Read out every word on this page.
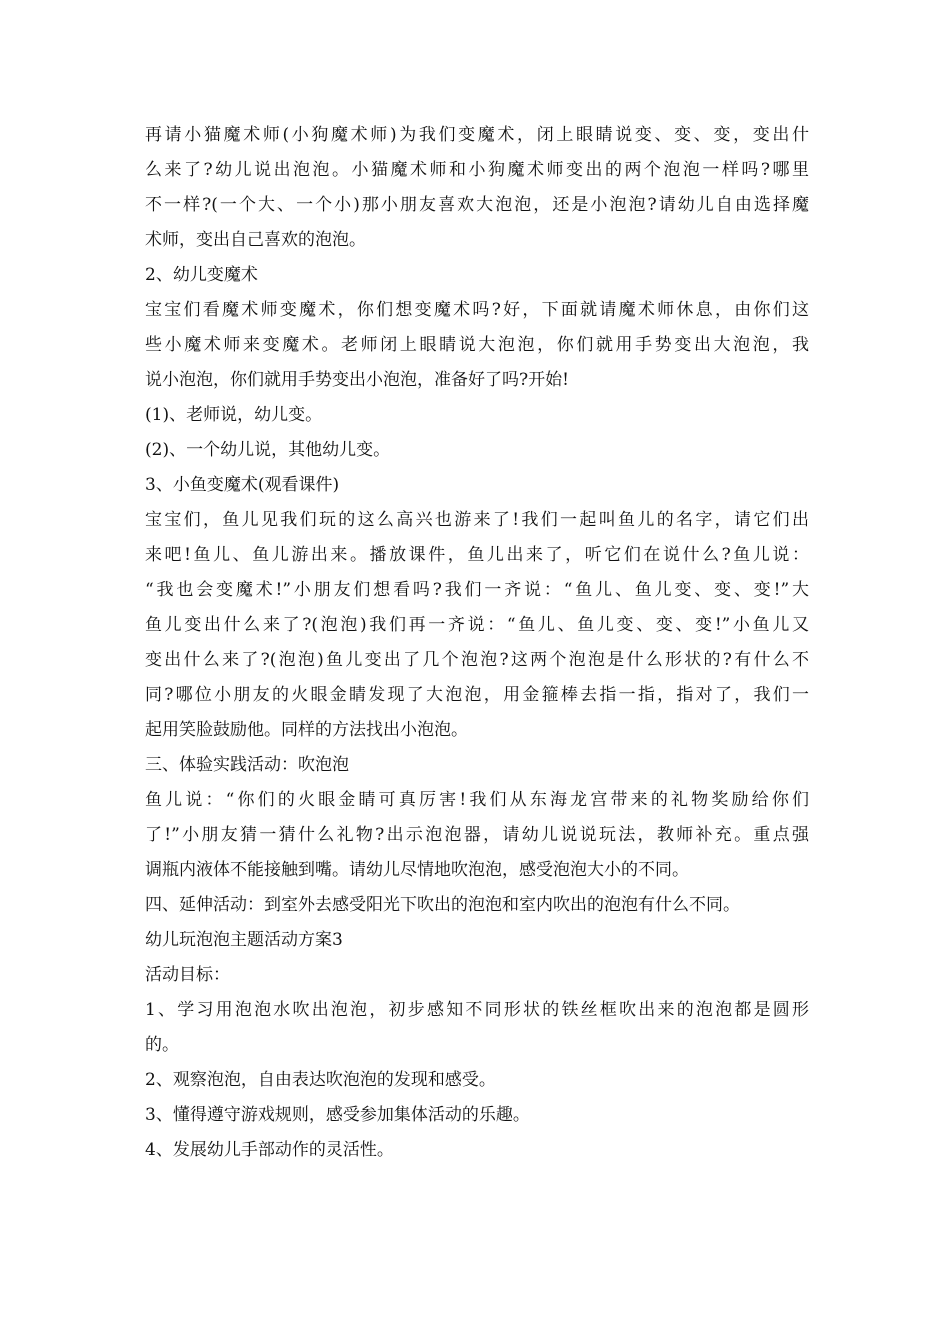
再请小猫魔术师(小狗魔术师)为我们变魔术，闭上眼睛说变、变、变，变出什
么来了?幼儿说出泡泡。小猫魔术师和小狗魔术师变出的两个泡泡一样吗?哪里
不一样?(一个大、一个小)那小朋友喜欢大泡泡，还是小泡泡?请幼儿自由选择魔
术师，变出自己喜欢的泡泡。
2、幼儿变魔术
宝宝们看魔术师变魔术，你们想变魔术吗?好，下面就请魔术师休息，由你们这
些小魔术师来变魔术。老师闭上眼睛说大泡泡，你们就用手势变出大泡泡，我
说小泡泡，你们就用手势变出小泡泡，准备好了吗?开始!
(1)、老师说，幼儿变。
(2)、一个幼儿说，其他幼儿变。
3、小鱼变魔术(观看课件)
宝宝们，鱼儿见我们玩的这么高兴也游来了!我们一起叫鱼儿的名字，请它们出
来吧!鱼儿、鱼儿游出来。播放课件，鱼儿出来了，听它们在说什么?鱼儿说：
“我也会变魔术!”小朋友们想看吗?我们一齐说：“鱼儿、鱼儿变、变、变!”大
鱼儿变出什么来了?(泡泡)我们再一齐说：“鱼儿、鱼儿变、变、变!”小鱼儿又
变出什么来了?(泡泡)鱼儿变出了几个泡泡?这两个泡泡是什么形状的?有什么不
同?哪位小朋友的火眼金睛发现了大泡泡，用金箍棒去指一指，指对了，我们一
起用笑脸鼓励他。同样的方法找出小泡泡。
三、体验实践活动：吹泡泡
鱼儿说：“你们的火眼金睛可真厉害!我们从东海龙宫带来的礼物奖励给你们
了!”小朋友猜一猜什么礼物?出示泡泡器，请幼儿说说玩法，教师补充。重点强
调瓶内液体不能接触到嘴。请幼儿尽情地吹泡泡，感受泡泡大小的不同。
四、延伸活动：到室外去感受阳光下吹出的泡泡和室内吹出的泡泡有什么不同。
幼儿玩泡泡主题活动方案3
活动目标：
1、学习用泡泡水吹出泡泡，初步感知不同形状的铁丝框吹出来的泡泡都是圆形
的。
2、观察泡泡，自由表达吹泡泡的发现和感受。
3、懂得遵守游戏规则，感受参加集体活动的乐趣。
4、发展幼儿手部动作的灵活性。
